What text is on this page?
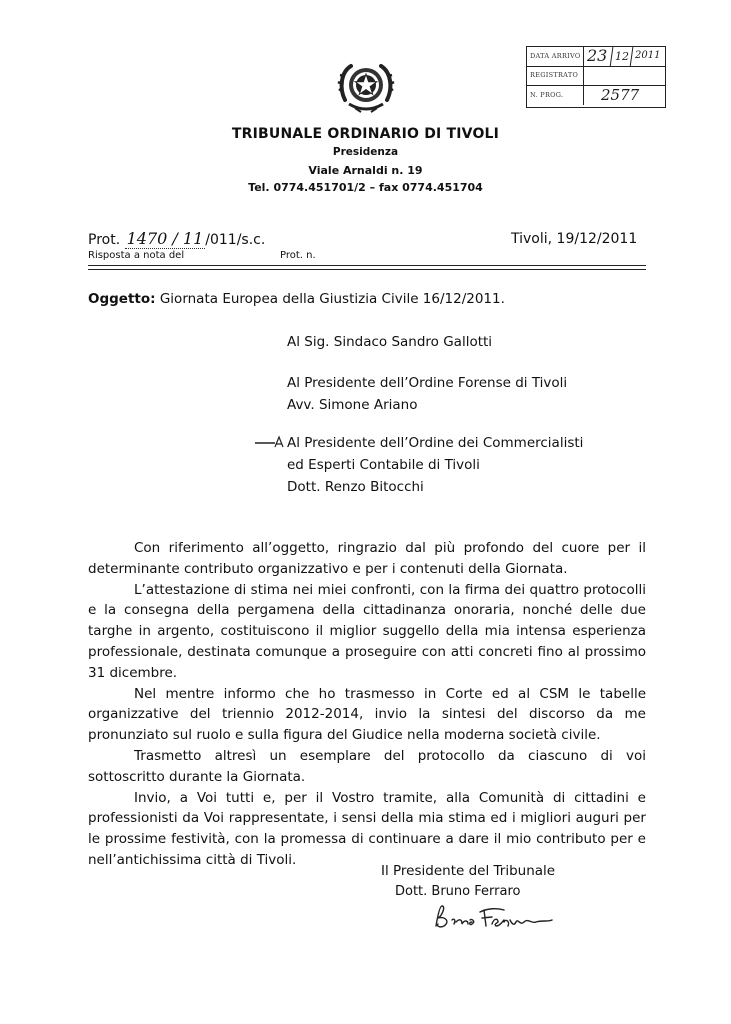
DATA ARRIVO 23 12 2011
REGISTRATO
N. PROG.	2577
TRIBUNALE ORDINARIO DI TIVOLI
Presidenza
Viale Arnaldi n. 19
Tel. 0774.451701/2 – fax 0774.451704
Prot. 1470 / 11 /011/s.c.	Tivoli, 19/12/2011
Risposta a nota del	Prot. n.
Oggetto: Giornata Europea della Giustizia Civile 16/12/2011.
Al Sig. Sindaco Sandro Gallotti
Al Presidente dell’Ordine Forense di Tivoli
Avv. Simone Ariano
Al Presidente dell’Ordine dei Commercialisti
ed Esperti Contabile di Tivoli
Dott. Renzo Bitocchi

Con riferimento all’oggetto, ringrazio dal più profondo del cuore per il determinante contributo organizzativo e per i contenuti della Giornata.

L’attestazione di stima nei miei confronti, con la firma dei quattro protocolli e la consegna della pergamena della cittadinanza onoraria, nonché delle due targhe in argento, costituiscono il miglior suggello della mia intensa esperienza professionale, destinata comunque a proseguire con atti concreti fino al prossimo 31 dicembre.

Nel mentre informo che ho trasmesso in Corte ed al CSM le tabelle organizzative del triennio 2012-2014, invio la sintesi del discorso da me pronunziato sul ruolo e sulla figura del Giudice nella moderna società civile.

Trasmetto altresì un esemplare del protocollo da ciascuno di voi sottoscritto durante la Giornata.

Invio, a Voi tutti e, per il Vostro tramite, alla Comunità di cittadini e professionisti da Voi rappresentate, i sensi della mia stima ed i migliori auguri per le prossime festività, con la promessa di continuare a dare il mio contributo per e nell’antichissima città di Tivoli.

Il Presidente del Tribunale
Dott. Bruno Ferraro
